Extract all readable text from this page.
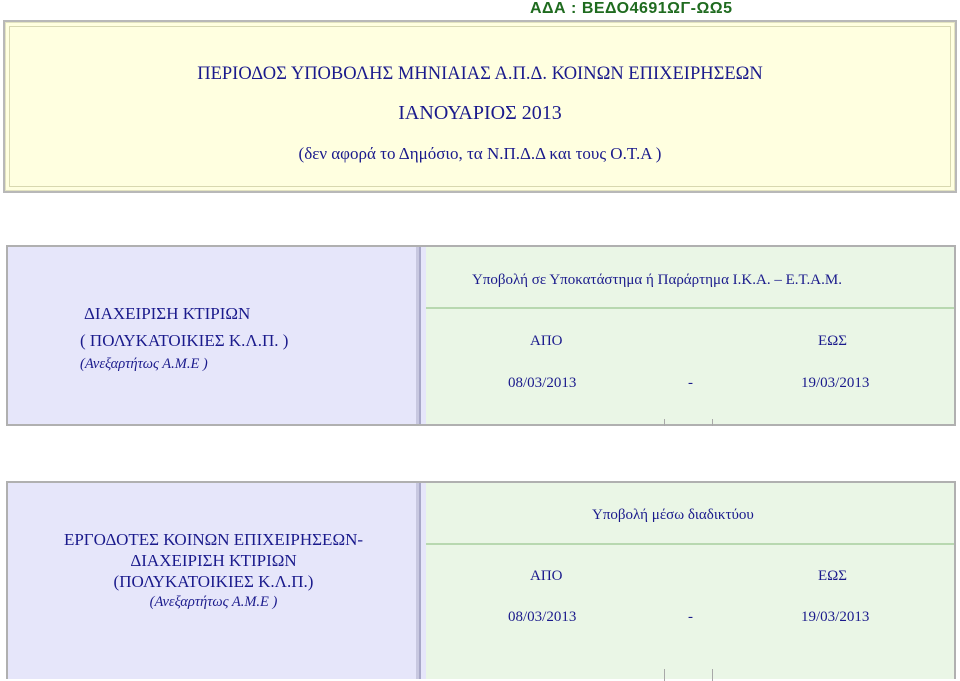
ΑΔΑ : ΒΕΔΟ4691ΩΓ-ΩΩ5
ΠΕΡΙΟΔΟΣ ΥΠΟΒΟΛΗΣ ΜΗΝΙΑΙΑΣ Α.Π.Δ. ΚΟΙΝΩΝ ΕΠΙΧΕΙΡΗΣΕΩΝ
ΙΑΝΟΥΑΡΙΟΣ 2013
(δεν αφορά το Δημόσιο, τα Ν.Π.Δ.Δ και τους Ο.Τ.Α )
ΔΙΑΧΕΙΡΙΣΗ ΚΤΙΡΙΩΝ
( ΠΟΛΥΚΑΤΟΙΚΙΕΣ Κ.Λ.Π. )
(Ανεξαρτήτως Α.Μ.Ε )
Υποβολή σε Υποκατάστημα ή Παράρτημα Ι.Κ.Α. – Ε.Τ.Α.Μ.
ΑΠΟ	ΕΩΣ
08/03/2013	-	19/03/2013
ΕΡΓΟΔΟΤΕΣ ΚΟΙΝΩΝ ΕΠΙΧΕΙΡΗΣΕΩΝ-
ΔΙΑΧΕΙΡΙΣΗ ΚΤΙΡΙΩΝ
(ΠΟΛΥΚΑΤΟΙΚΙΕΣ Κ.Λ.Π.)
(Ανεξαρτήτως Α.Μ.Ε )
Υποβολή μέσω διαδικτύου
ΑΠΟ	ΕΩΣ
08/03/2013	-	19/03/2013
